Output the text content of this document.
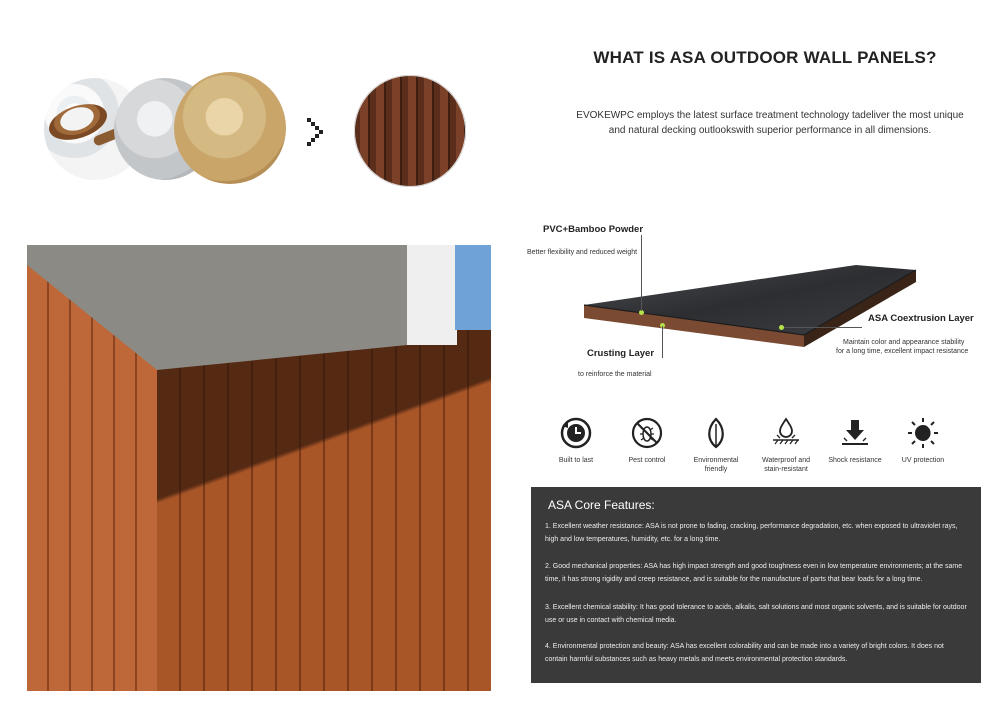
WHAT IS ASA OUTDOOR WALL PANELS?
EVOKEWPC employs the latest surface treatment technology tadeliver the most unique and natural decking outlookswith superior performance in all dimensions.
PVC+Bamboo Powder
Better flexibility and reduced weight
ASA Coextrusion Layer
Maintain color and appearance stability
for a long time, excellent impact resistance
Crusting Layer
to reinforce the material
Built to last	Pest control	Environmental
friendly
Waterproof and
stain-resistant
Shock resistance	UV protection
ASA Core Features:
1. Excellent weather resistance: ASA is not prone to fading, cracking, performance degradation, etc. when exposed to ultraviolet rays, high and low temperatures, humidity, etc. for a long time.
2. Good mechanical properties: ASA has high impact strength and good toughness even in low temperature environments; at the same time, it has strong rigidity and creep resistance, and is suitable for the manufacture of parts that bear loads for a long time.
3. Excellent chemical stability: It has good tolerance to acids, alkalis, salt solutions and most organic solvents, and is suitable for outdoor use or use in contact with chemical media.
4. Environmental protection and beauty: ASA has excellent colorability and can be made into a variety of bright colors. It does not contain harmful substances such as heavy metals and meets environmental protection standards.
